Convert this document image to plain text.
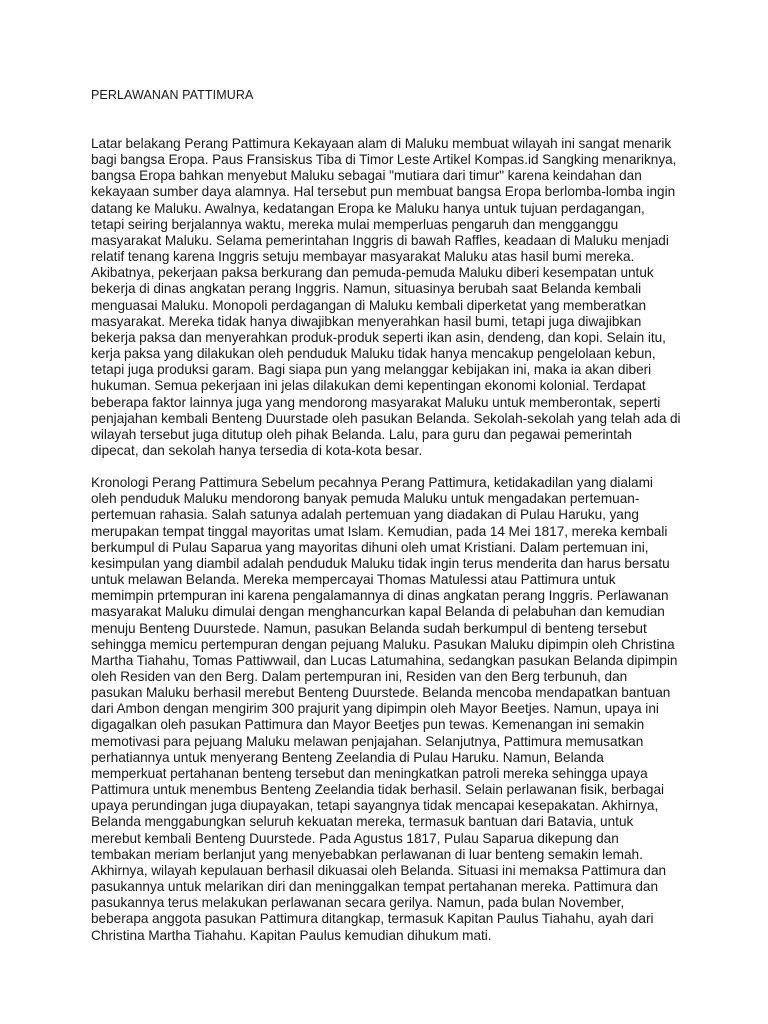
PERLAWANAN PATTIMURA

Latar belakang Perang Pattimura Kekayaan alam di Maluku membuat wilayah ini sangat menarik bagi bangsa Eropa. Paus Fransiskus Tiba di Timor Leste Artikel Kompas.id Sangking menariknya, bangsa Eropa bahkan menyebut Maluku sebagai "mutiara dari timur" karena keindahan dan kekayaan sumber daya alamnya. Hal tersebut pun membuat bangsa Eropa berlomba-lomba ingin datang ke Maluku. Awalnya, kedatangan Eropa ke Maluku hanya untuk tujuan perdagangan, tetapi seiring berjalannya waktu, mereka mulai memperluas pengaruh dan mengganggu masyarakat Maluku. Selama pemerintahan Inggris di bawah Raffles, keadaan di Maluku menjadi relatif tenang karena Inggris setuju membayar masyarakat Maluku atas hasil bumi mereka. Akibatnya, pekerjaan paksa berkurang dan pemuda-pemuda Maluku diberi kesempatan untuk bekerja di dinas angkatan perang Inggris. Namun, situasinya berubah saat Belanda kembali menguasai Maluku. Monopoli perdagangan di Maluku kembali diperketat yang memberatkan masyarakat. Mereka tidak hanya diwajibkan menyerahkan hasil bumi, tetapi juga diwajibkan bekerja paksa dan menyerahkan produk-produk seperti ikan asin, dendeng, dan kopi. Selain itu, kerja paksa yang dilakukan oleh penduduk Maluku tidak hanya mencakup pengelolaan kebun, tetapi juga produksi garam. Bagi siapa pun yang melanggar kebijakan ini, maka ia akan diberi hukuman. Semua pekerjaan ini jelas dilakukan demi kepentingan ekonomi kolonial. Terdapat beberapa faktor lainnya juga yang mendorong masyarakat Maluku untuk memberontak, seperti penjajahan kembali Benteng Duurstade oleh pasukan Belanda. Sekolah-sekolah yang telah ada di wilayah tersebut juga ditutup oleh pihak Belanda. Lalu, para guru dan pegawai pemerintah dipecat, dan sekolah hanya tersedia di kota-kota besar.

Kronologi Perang Pattimura Sebelum pecahnya Perang Pattimura, ketidakadilan yang dialami oleh penduduk Maluku mendorong banyak pemuda Maluku untuk mengadakan pertemuan-pertemuan rahasia. Salah satunya adalah pertemuan yang diadakan di Pulau Haruku, yang merupakan tempat tinggal mayoritas umat Islam. Kemudian, pada 14 Mei 1817, mereka kembali berkumpul di Pulau Saparua yang mayoritas dihuni oleh umat Kristiani. Dalam pertemuan ini, kesimpulan yang diambil adalah penduduk Maluku tidak ingin terus menderita dan harus bersatu untuk melawan Belanda. Mereka mempercayai Thomas Matulessi atau Pattimura untuk memimpin prtempuran ini karena pengalamannya di dinas angkatan perang Inggris. Perlawanan masyarakat Maluku dimulai dengan menghancurkan kapal Belanda di pelabuhan dan kemudian menuju Benteng Duurstede. Namun, pasukan Belanda sudah berkumpul di benteng tersebut sehingga memicu pertempuran dengan pejuang Maluku. Pasukan Maluku dipimpin oleh Christina Martha Tiahahu, Tomas Pattiwwail, dan Lucas Latumahina, sedangkan pasukan Belanda dipimpin oleh Residen van den Berg. Dalam pertempuran ini, Residen van den Berg terbunuh, dan pasukan Maluku berhasil merebut Benteng Duurstede. Belanda mencoba mendapatkan bantuan dari Ambon dengan mengirim 300 prajurit yang dipimpin oleh Mayor Beetjes. Namun, upaya ini digagalkan oleh pasukan Pattimura dan Mayor Beetjes pun tewas. Kemenangan ini semakin memotivasi para pejuang Maluku melawan penjajahan. Selanjutnya, Pattimura memusatkan perhatiannya untuk menyerang Benteng Zeelandia di Pulau Haruku. Namun, Belanda memperkuat pertahanan benteng tersebut dan meningkatkan patroli mereka sehingga upaya Pattimura untuk menembus Benteng Zeelandia tidak berhasil. Selain perlawanan fisik, berbagai upaya perundingan juga diupayakan, tetapi sayangnya tidak mencapai kesepakatan. Akhirnya, Belanda menggabungkan seluruh kekuatan mereka, termasuk bantuan dari Batavia, untuk merebut kembali Benteng Duurstede. Pada Agustus 1817, Pulau Saparua dikepung dan tembakan meriam berlanjut yang menyebabkan perlawanan di luar benteng semakin lemah. Akhirnya, wilayah kepulauan berhasil dikuasai oleh Belanda. Situasi ini memaksa Pattimura dan pasukannya untuk melarikan diri dan meninggalkan tempat pertahanan mereka. Pattimura dan pasukannya terus melakukan perlawanan secara gerilya. Namun, pada bulan November, beberapa anggota pasukan Pattimura ditangkap, termasuk Kapitan Paulus Tiahahu, ayah dari Christina Martha Tiahahu. Kapitan Paulus kemudian dihukum mati.
